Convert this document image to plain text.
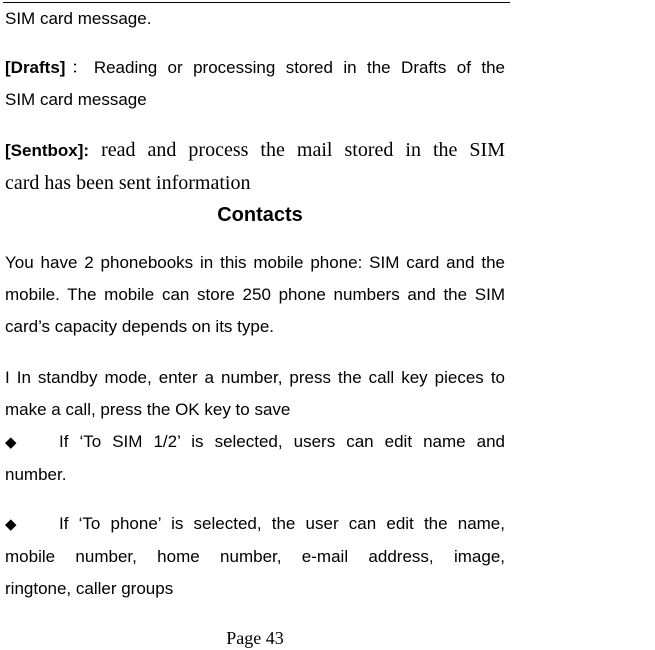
SIM card message.
[Drafts]：Reading or processing stored in the Drafts of the
SIM card message
[Sentbox]: read and process the mail stored in the SIM
card has been sent information
Contacts
You have 2 phonebooks in this mobile phone: SIM card and the mobile. The mobile can store 250 phone numbers and the SIM card’s capacity depends on its type.
I In standby mode, enter a number, press the call key pieces to make a call, press the OK key to save
◆	If ‘To SIM 1/2’ is selected, users can edit name and
number.
◆	If ‘To phone’ is selected, the user can edit the name,
mobile number, home number, e-mail address, image,
ringtone, caller groups
Page 43
